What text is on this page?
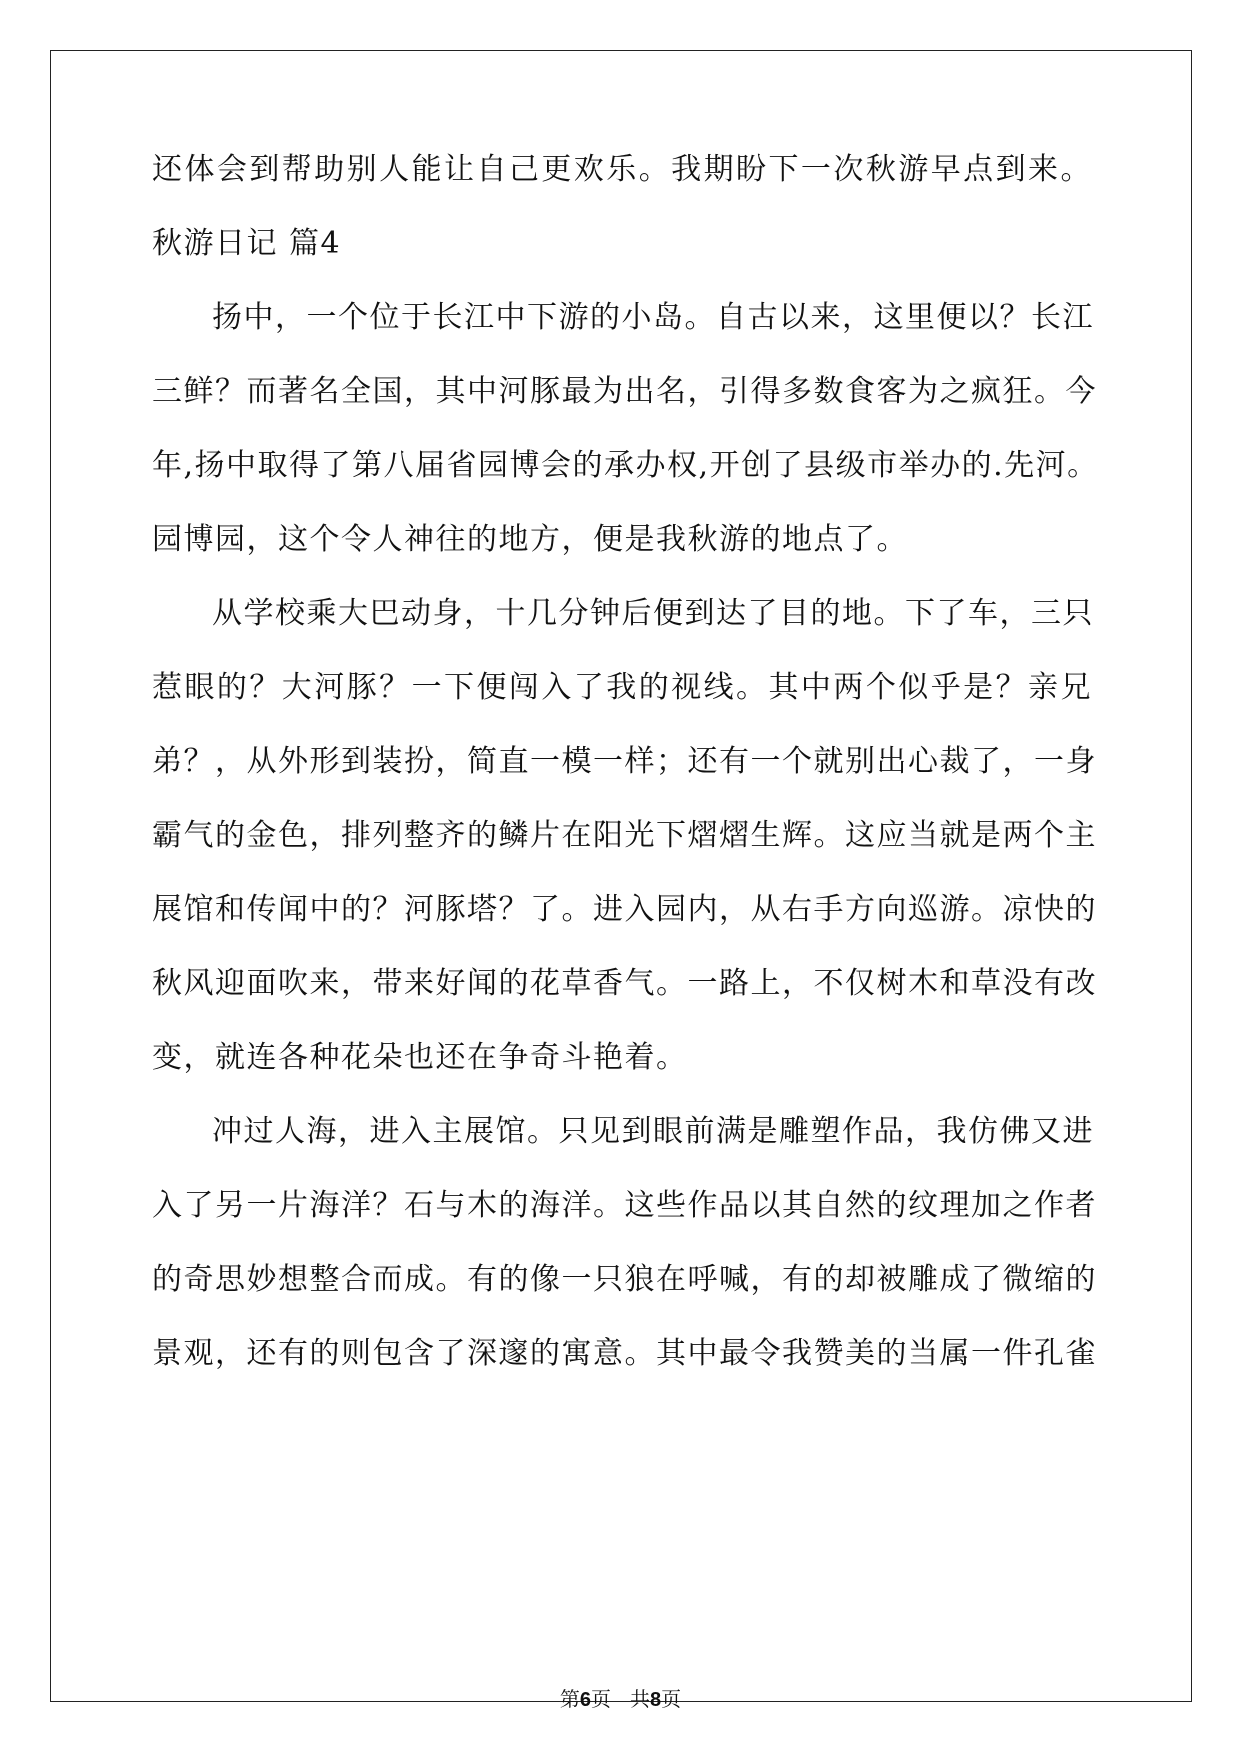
还体会到帮助别人能让自己更欢乐。我期盼下一次秋游早点到来。
秋游日记 篇4
扬中，一个位于长江中下游的小岛。自古以来，这里便以？长江
三鲜？而著名全国，其中河豚最为出名，引得多数食客为之疯狂。今
年,扬中取得了第八届省园博会的承办权,开创了县级市举办的.先河。
园博园，这个令人神往的地方，便是我秋游的地点了。
从学校乘大巴动身，十几分钟后便到达了目的地。下了车，三只
惹眼的？大河豚？一下便闯入了我的视线。其中两个似乎是？亲兄
弟？，从外形到装扮，简直一模一样；还有一个就别出心裁了，一身
霸气的金色，排列整齐的鳞片在阳光下熠熠生辉。这应当就是两个主
展馆和传闻中的？河豚塔？了。进入园内，从右手方向巡游。凉快的
秋风迎面吹来，带来好闻的花草香气。一路上，不仅树木和草没有改
变，就连各种花朵也还在争奇斗艳着。
冲过人海，进入主展馆。只见到眼前满是雕塑作品，我仿佛又进
入了另一片海洋？石与木的海洋。这些作品以其自然的纹理加之作者
的奇思妙想整合而成。有的像一只狼在呼喊，有的却被雕成了微缩的
景观，还有的则包含了深邃的寓意。其中最令我赞美的当属一件孔雀
第6页   共8页
